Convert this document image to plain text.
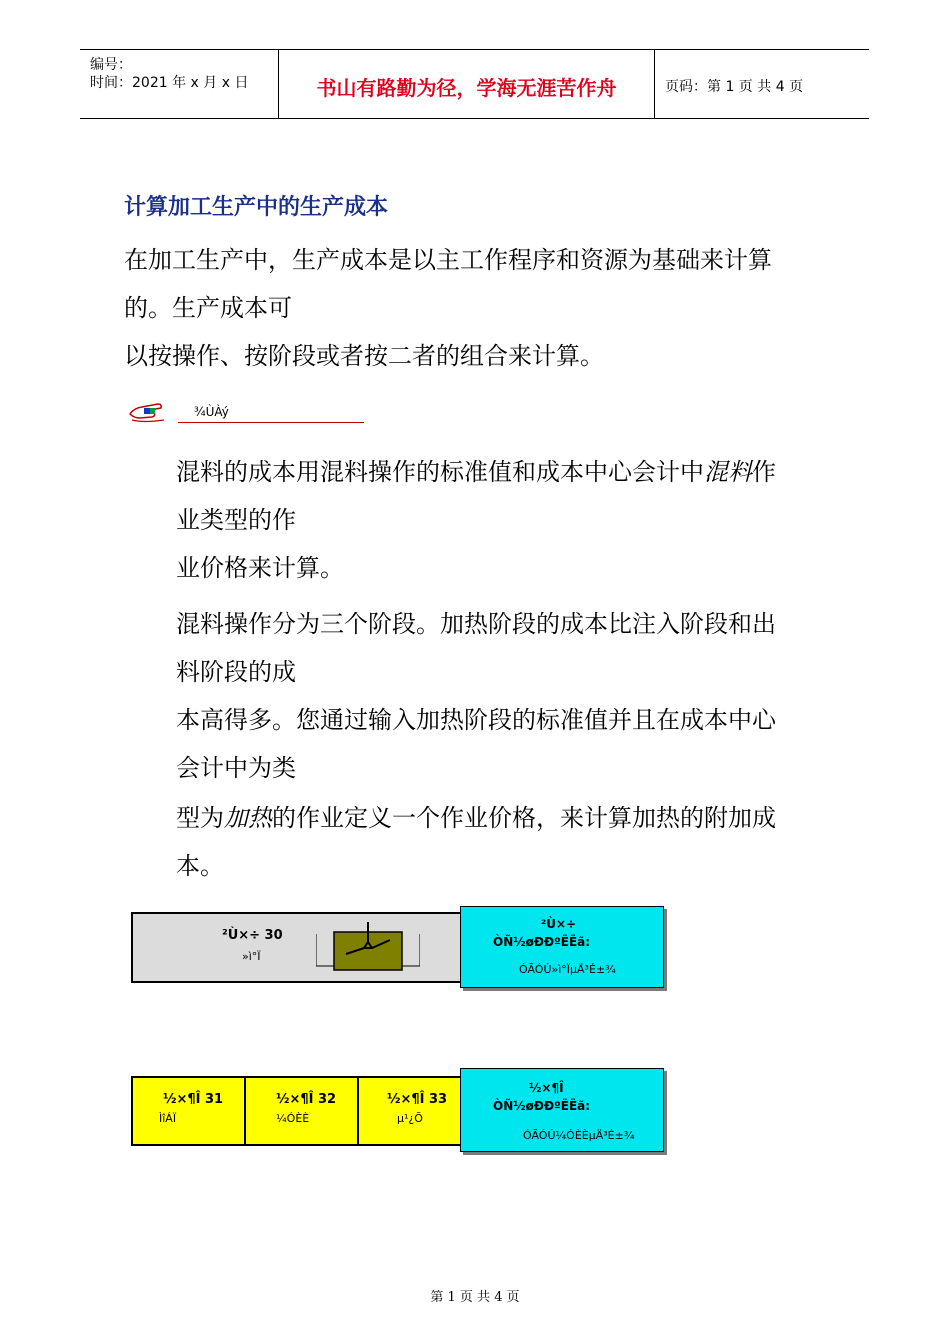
编号：
时间：2021 年 x 月 x 日	书山有路勤为径，学海无涯苦作舟	页码：第 1 页 共 4 页
计算加工生产中的生产成本
在加工生产中，生产成本是以主工作程序和资源为基础来计算
的。生产成本可
以按操作、按阶段或者按二者的组合来计算。
¾ÙÀý
混料的成本用混料操作的标准值和成本中心会计中混料作
业类型的作
业价格来计算。
混料操作分为三个阶段。加热阶段的成本比注入阶段和出
料阶段的成
本高得多。您通过输入加热阶段的标准值并且在成本中心
会计中为类
型为加热的作业定义一个作业价格，来计算加热的附加成
本。
²Ù×÷ 30
»ì°Ï
²Ù×÷
ÒÑ½øÐÐºËËã:
ÓÃÓÚ»ì°ÏµÄ³É±¾
½×¶Î 31
ÌîÁÏ
½×¶Î 32
¼ÓÈÈ
½×¶Î 33
µ¹¿Õ
½×¶Î
ÒÑ½øÐÐºËËã:
ÓÃÓÚ¼ÓÈÈµÄ³É±¾
第 1 页 共 4 页
